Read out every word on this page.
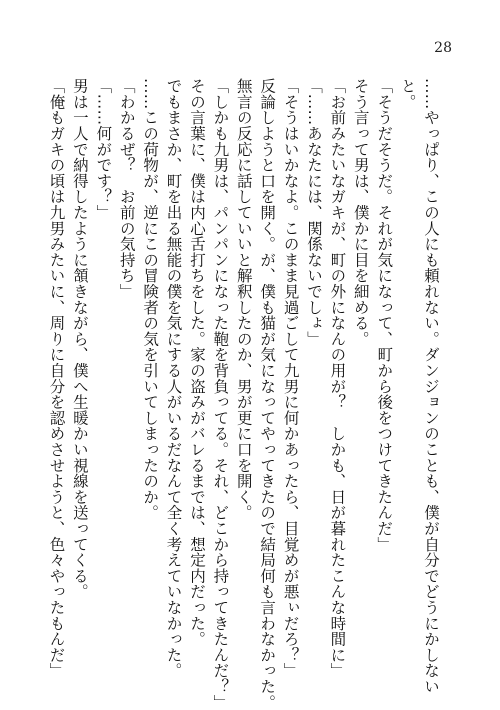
28
……やっぱり、この人にも頼れない。ダンジョンのことも、僕が自分でどうにかしない
と。
「そうだそうだ。それが気になって、町から後をつけてきたんだ」
そう言って男は、僕かに目を細める。
「お前みたいなガキが、町の外になんの用が？　しかも、日が暮れたこんな時間に」
「……あなたには、関係ないでしょ」
「そうはいかなよ。このまま見過ごして九男に何かあったら、目覚めが悪ぃだろ？」
反論しようと口を開く。が、僕も猫が気になってやってきたので結局何も言わなかった。
無言の反応に話していいと解釈したのか、男が更に口を開く。
「しかも九男は、パンパンになった鞄を背負ってる。それ、どこから持ってきたんだ？」
その言葉に、僕は内心舌打ちをした。家の盗みがバレるまでは、想定内だった。
でもまさか、町を出る無能の僕を気にする人がいるだなんて全く考えていなかった。
……この荷物が、逆にこの冒険者の気を引いてしまったのか。
「わかるぜ？　お前の気持ち」
「……何がです？」
男は一人で納得したように頷きながら、僕へ生暖かい視線を送ってくる。
「俺もガキの頃は九男みたいに、周りに自分を認めさせようと、色々やったもんだ」
